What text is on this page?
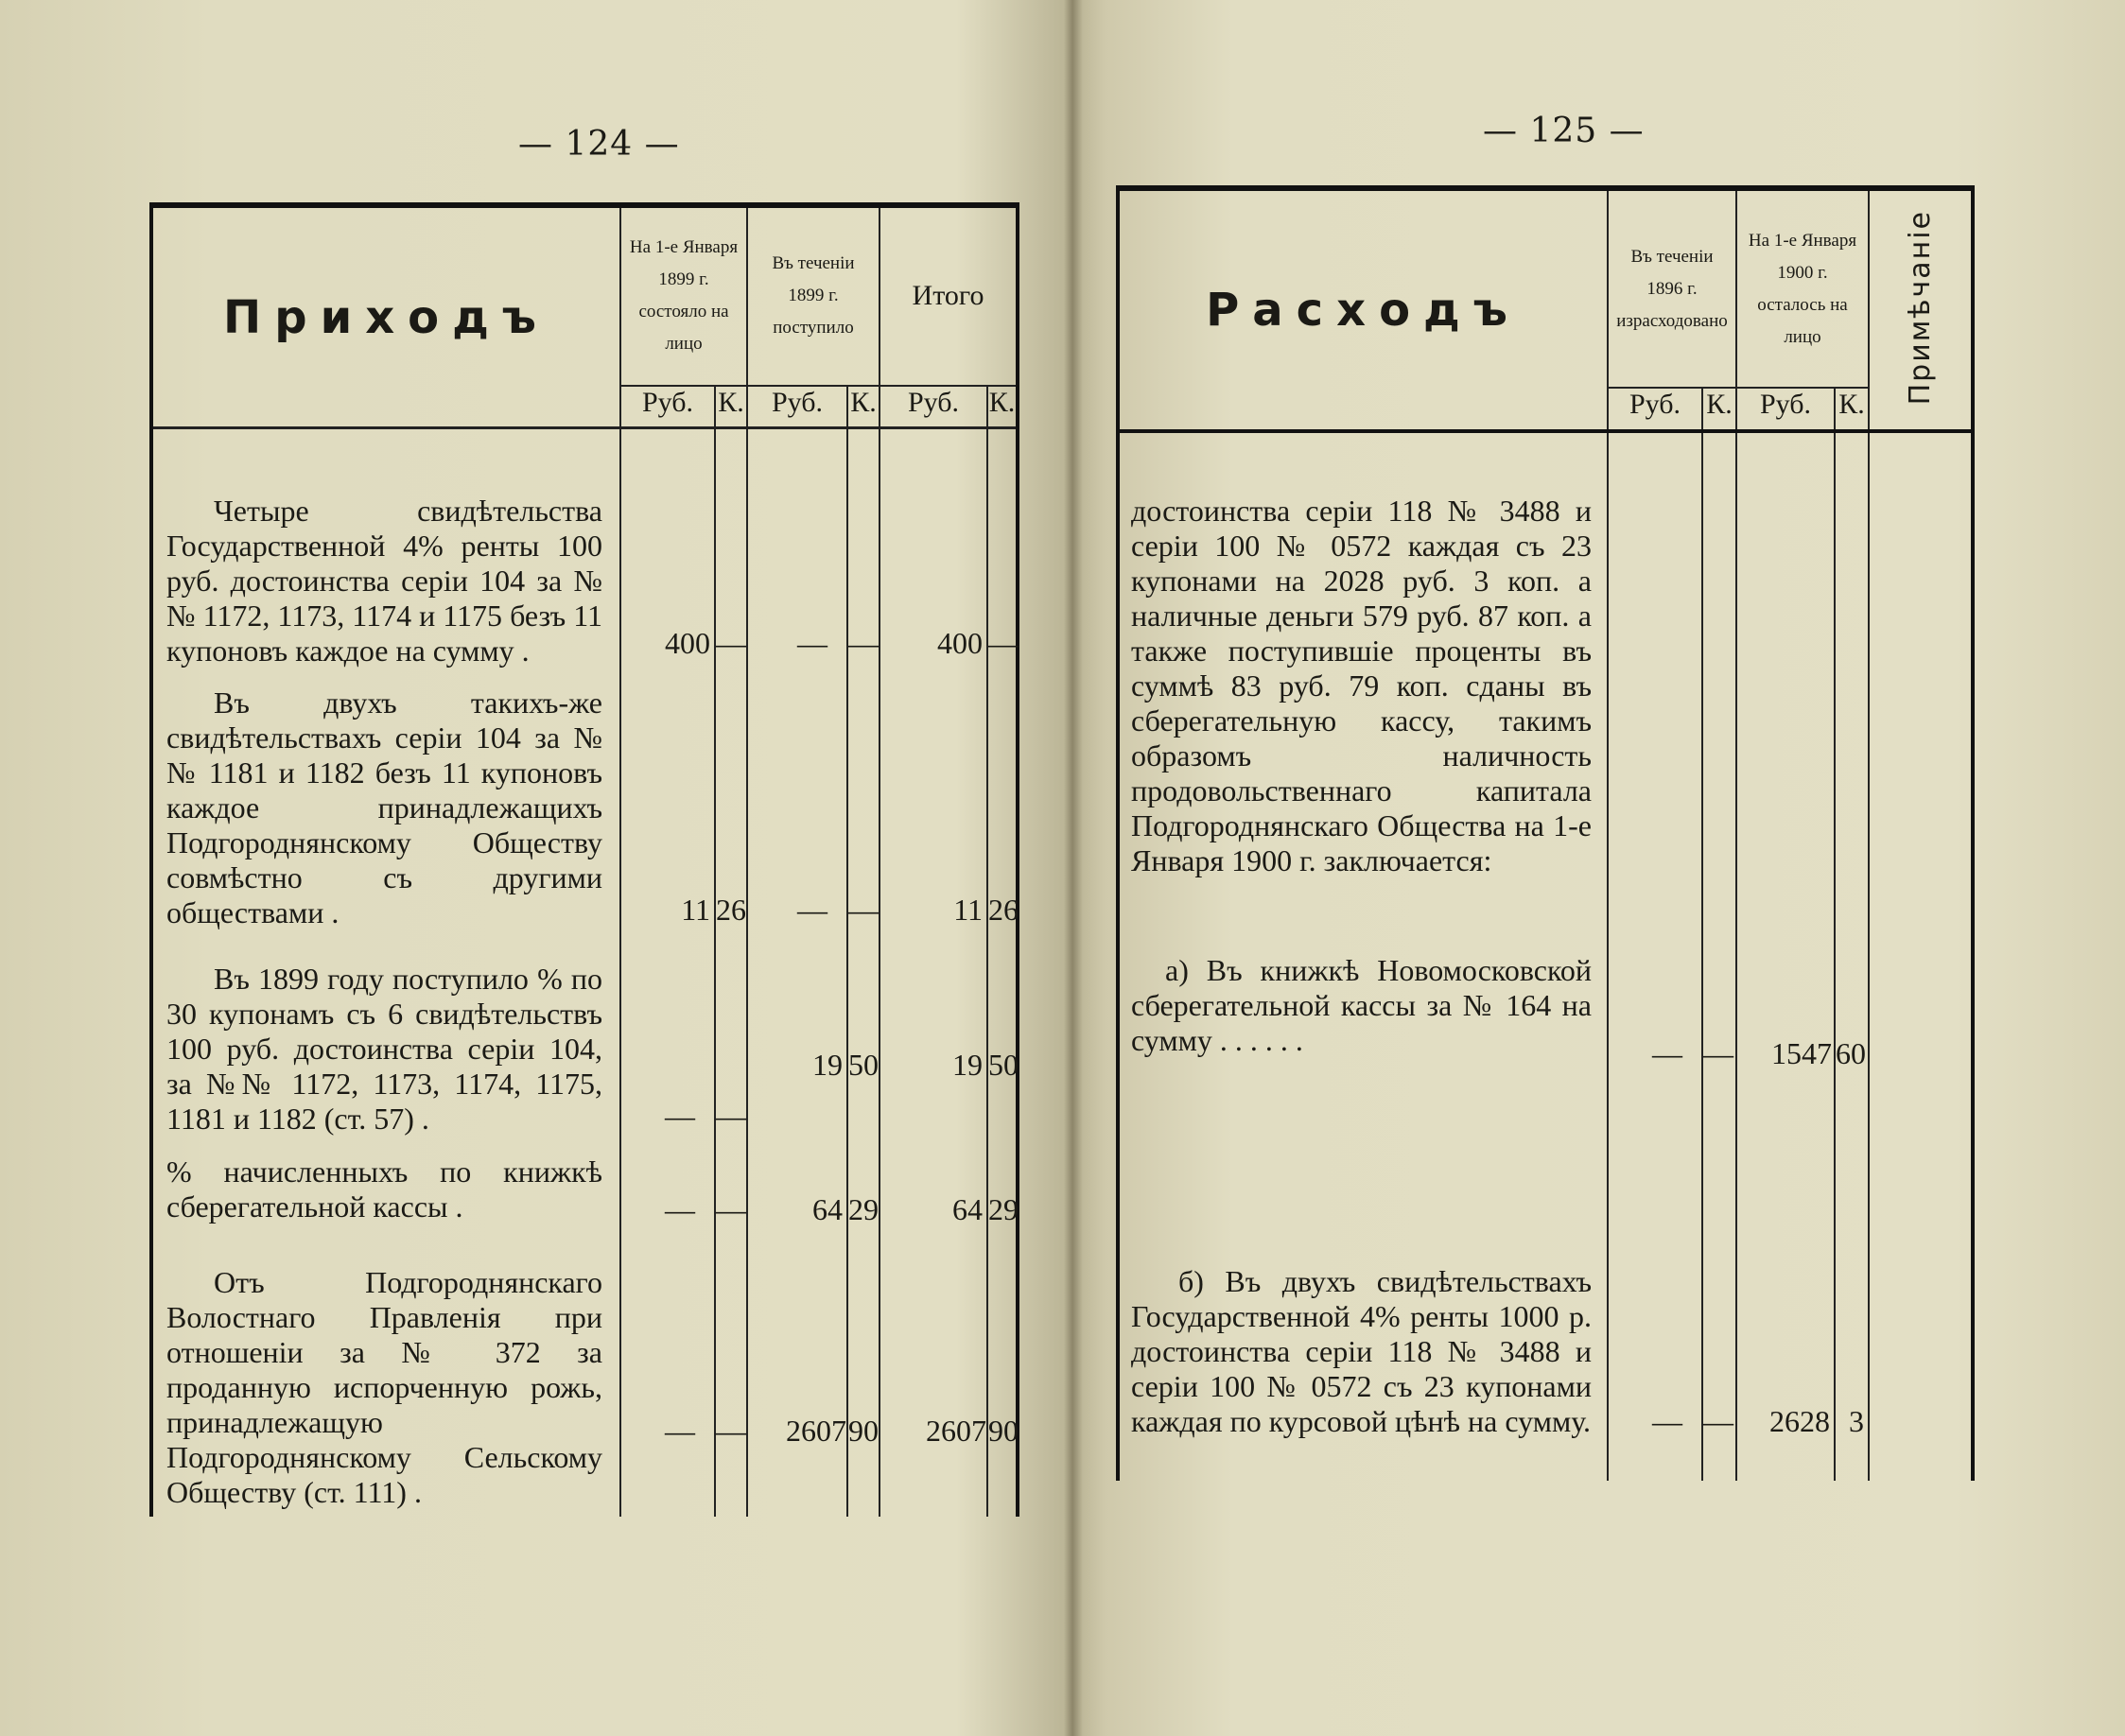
— 124 —
Приходъ	На 1-е Января 1899 г. состояло на лицо		Въ теченіи 1899 г. поступило		Итого	
	Руб.	К.	Руб.	К.	Руб.	К.
Четыре свидѣтельства Государственной 4% ренты 100 руб. достоинства серіи 104 за №№ 1172, 1173, 1174 и 1175 безъ 11 купоновъ каждое на сумму .	400	—	—	—	400	—
Въ двухъ такихъ-же свидѣтельствахъ серіи 104 за №№ 1181 и 1182 безъ 11 купоновъ каждое принадлежащихъ Подгороднянскому Обществу совмѣстно съ другими обществами .	11	26	—	—	11	26
Въ 1899 году поступило % по 30 купонамъ съ 6 свидѣтельствъ 100 руб. достоинства серіи 104, за №№ 1172, 1173, 1174, 1175, 1181 и 1182 (ст. 57) .	—	—	19	50	19	50
% начисленныхъ по книжкѣ сберегательной кассы .	—	—	64	29	64	29
Отъ Подгороднянскаго Волостнаго Правленія при отношеніи за № 372 за проданную испорченную рожь, принадлежащую Подгороднянскому Сельскому Обществу (ст. 111) .	—	—	2607	90	2607	90
— 125 —
Расходъ	Въ теченіи 1896 г. израсходовано		На 1-е Января 1900 г. осталось на лицо		Примѣчаніе
	Руб.	К.	Руб.	К.	
достоинства серіи 118 № 3488 и серіи 100 № 0572 каждая съ 23 купонами на 2028 руб. 3 коп. а наличные деньги 579 руб. 87 коп. а также поступившіе проценты въ суммѣ 83 руб. 79 коп. сданы въ сберегательную кассу, такимъ образомъ наличность продовольственнаго капитала Подгороднянскаго Общества на 1-е Января 1900 г. заключается:					
а) Въ книжкѣ Новомосковской сберегательной кассы за № 164 на сумму . . . . . .	—	—	1547	60	
б) Въ двухъ свидѣтельствахъ Государственной 4% ренты 1000 р. достоинства серіи 118 № 3488 и серіи 100 № 0572 съ 23 купонами каждая по курсовой цѣнѣ на сумму.	—	—	2628	3	
